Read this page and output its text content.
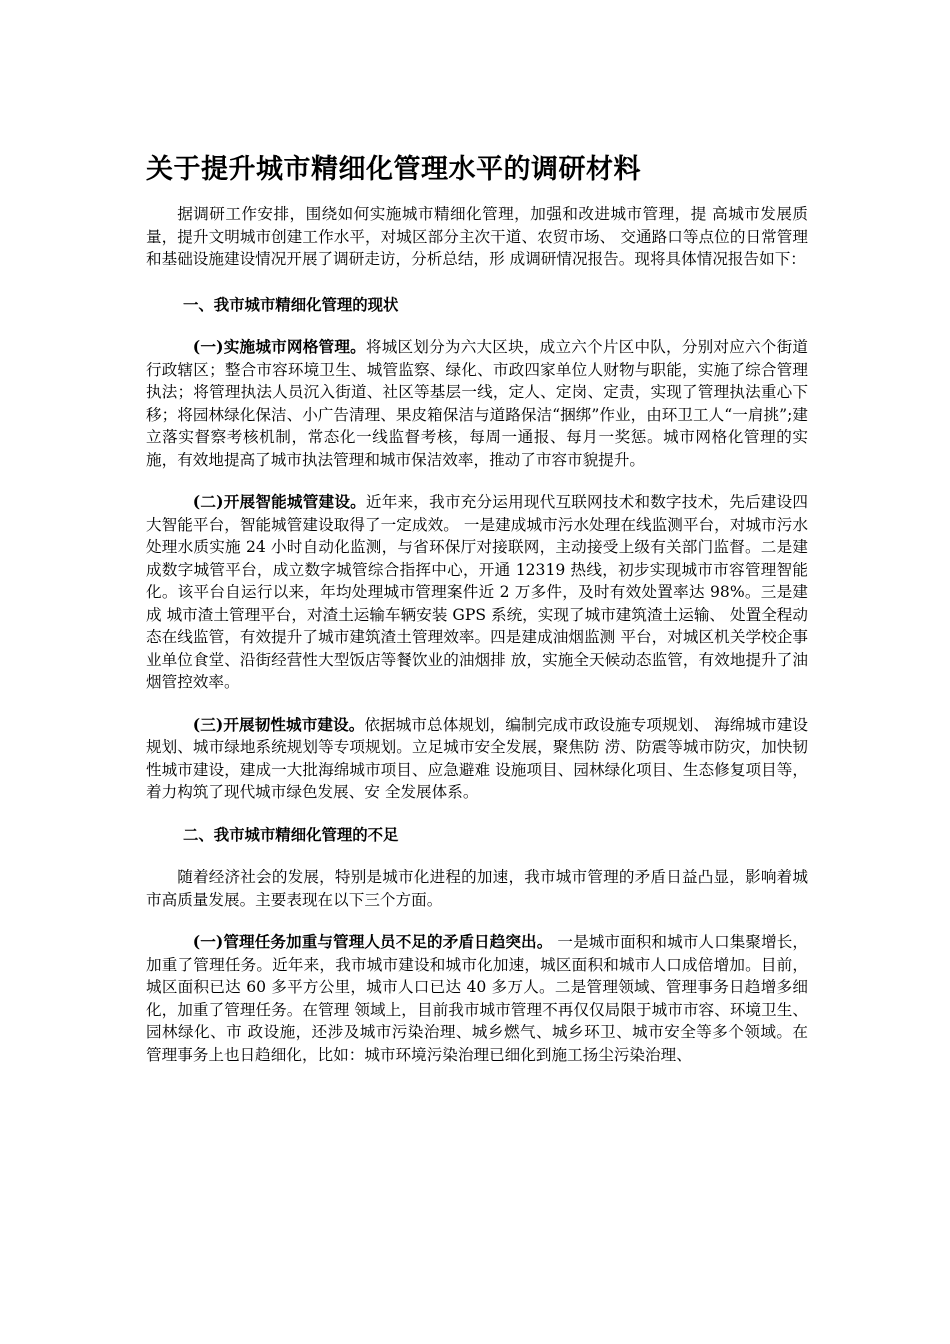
关于提升城市精细化管理水平的调研材料

据调研工作安排，围绕如何实施城市精细化管理，加强和改进城市管理，提 高城市发展质量，提升文明城市创建工作水平，对城区部分主次干道、农贸市场、 交通路口等点位的日常管理和基础设施建设情况开展了调研走访，分析总结，形 成调研情况报告。现将具体情况报告如下：

一、我市城市精细化管理的现状

(一)实施城市网格管理。将城区划分为六大区块，成立六个片区中队，分别对应六个街道行政辖区；整合市容环境卫生、城管监察、绿化、市政四家单位人财物与职能，实施了综合管理执法；将管理执法人员沉入街道、社区等基层一线，定人、定岗、定责，实现了管理执法重心下移；将园林绿化保洁、小广告清理、果皮箱保洁与道路保洁“捆绑”作业，由环卫工人“一肩挑”;建立落实督察考核机制，常态化一线监督考核，每周一通报、每月一奖惩。城市网格化管理的实施，有效地提高了城市执法管理和城市保洁效率，推动了市容市貌提升。

(二)开展智能城管建设。近年来，我市充分运用现代互联网技术和数字技术，先后建设四大智能平台，智能城管建设取得了一定成效。 一是建成城市污水处理在线监测平台，对城市污水处理水质实施 24 小时自动化监测，与省环保厅对接联网，主动接受上级有关部门监督。二是建成数字城管平台，成立数字城管综合指挥中心，开通 12319 热线，初步实现城市市容管理智能化。该平台自运行以来，年均处理城市管理案件近 2 万多件，及时有效处置率达 98%。三是建成 城市渣土管理平台，对渣土运输车辆安装 GPS 系统，实现了城市建筑渣土运输、 处置全程动态在线监管，有效提升了城市建筑渣土管理效率。四是建成油烟监测 平台，对城区机关学校企事业单位食堂、沿街经营性大型饭店等餐饮业的油烟排 放，实施全天候动态监管，有效地提升了油烟管控效率。

(三)开展韧性城市建设。依据城市总体规划，编制完成市政设施专项规划、 海绵城市建设规划、城市绿地系统规划等专项规划。立足城市安全发展，聚焦防 涝、防震等城市防灾，加快韧性城市建设，建成一大批海绵城市项目、应急避难 设施项目、园林绿化项目、生态修复项目等，着力构筑了现代城市绿色发展、安 全发展体系。

二、我市城市精细化管理的不足

随着经济社会的发展，特别是城市化进程的加速，我市城市管理的矛盾日益凸显，影响着城市高质量发展。主要表现在以下三个方面。

(一)管理任务加重与管理人员不足的矛盾日趋突出。 一是城市面积和城市人口集聚增长，加重了管理任务。近年来，我市城市建设和城市化加速，城区面积和城市人口成倍增加。目前，城区面积已达 60 多平方公里，城市人口已达 40 多万人。二是管理领域、管理事务日趋增多细化，加重了管理任务。在管理 领域上，目前我市城市管理不再仅仅局限于城市市容、环境卫生、园林绿化、市 政设施，还涉及城市污染治理、城乡燃气、城乡环卫、城市安全等多个领域。在 管理事务上也日趋细化，比如：城市环境污染治理已细化到施工扬尘污染治理、
